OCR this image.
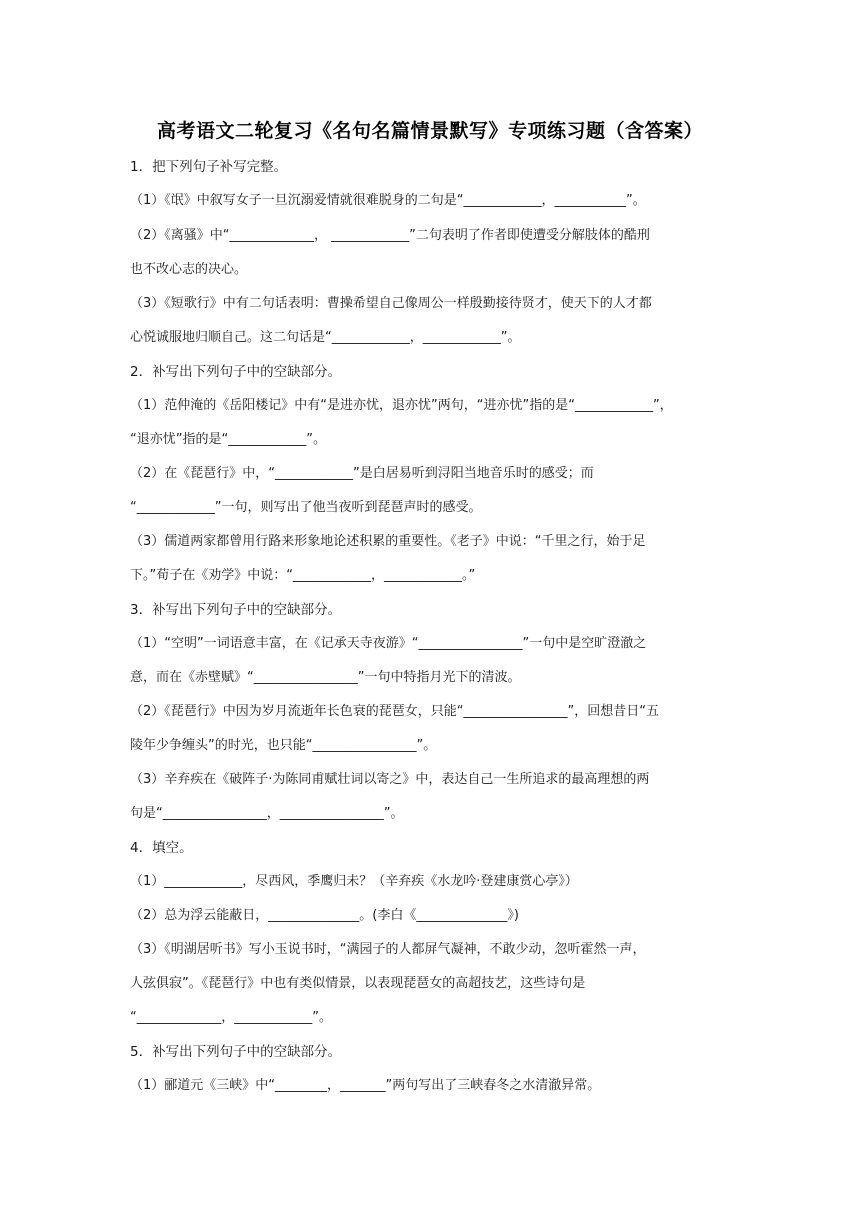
高考语文二轮复习《名句名篇情景默写》专项练习题（含答案）
1．把下列句子补写完整。
（1）《氓》中叙写女子一旦沉溺爱情就很难脱身的二句是“____________，___________”。
（2）《离骚》中“_____________， ____________”二句表明了作者即使遭受分解肢体的酷刑
也不改心志的决心。
（3）《短歌行》中有二句话表明：曹操希望自己像周公一样殷勤接待贤才，使天下的人才都
心悦诚服地归顺自己。这二句话是“____________，____________”。
2．补写出下列句子中的空缺部分。
（1）范仲淹的《岳阳楼记》中有“是进亦忧，退亦忧”两句，“进亦忧”指的是“____________”，
“退亦忧”指的是“____________”。
（2）在《琵琶行》中，“____________”是白居易听到浔阳当地音乐时的感受；而
“____________”一句，则写出了他当夜听到琵琶声时的感受。
（3）儒道两家都曾用行路来形象地论述积累的重要性。《老子》中说：“千里之行，始于足
下。”荀子在《劝学》中说：“____________，____________。”
3．补写出下列句子中的空缺部分。
（1）“空明”一词语意丰富，在《记承天寺夜游》“________________”一句中是空旷澄澈之
意，而在《赤壁赋》“________________”一句中特指月光下的清波。
（2）《琵琶行》中因为岁月流逝年长色衰的琵琶女，只能“________________”，回想昔日“五
陵年少争缠头”的时光，也只能“________________”。
（3）辛弃疾在《破阵子·为陈同甫赋壮词以寄之》中，表达自己一生所追求的最高理想的两
句是“________________，________________”。
4．填空。
（1）____________，尽西风，季鹰归未？（辛弃疾《水龙吟·登建康赏心亭》）
（2）总为浮云能蔽日，______________。(李白《______________》)
（3）《明湖居听书》写小玉说书时，“满园子的人都屏气凝神，不敢少动，忽听霍然一声，
人弦俱寂”。《琵琶行》中也有类似情景，以表现琵琶女的高超技艺，这些诗句是
“_____________，____________”。
5．补写出下列句子中的空缺部分。
（1）郦道元《三峡》中“________，_______”两句写出了三峡春冬之水清澈异常。
